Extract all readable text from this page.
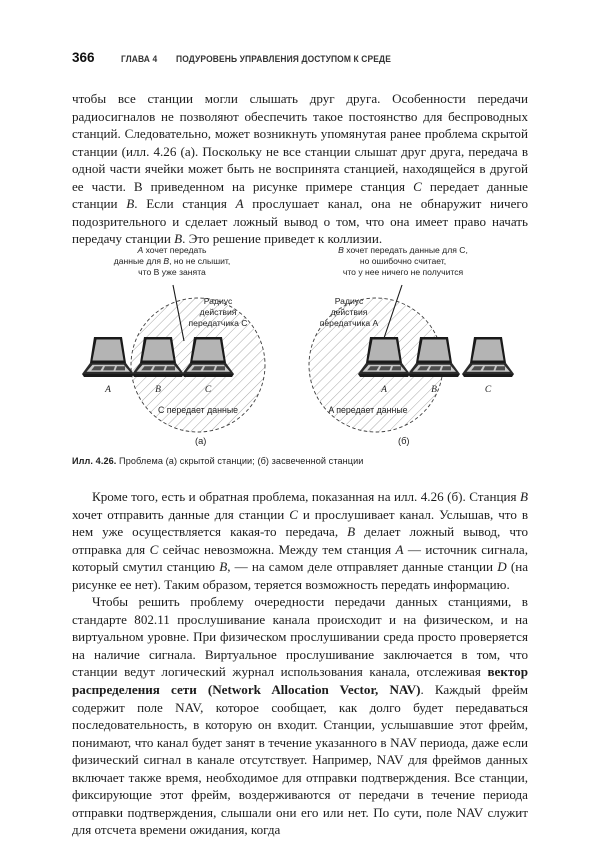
366	ГЛАВА 4 ПОДУРОВЕНЬ УПРАВЛЕНИЯ ДОСТУПОМ К СРЕДЕ
чтобы все станции могли слышать друг друга. Особенности передачи радиосигналов не позволяют обеспечить такое постоянство для беспроводных станций. Следовательно, может возникнуть упомянутая ранее проблема скрытой станции (илл. 4.26 (а). Поскольку не все станции слышат друг друга, передача в одной части ячейки может быть не воспринята станцией, находящейся в другой ее части. В приведенном на рисунке примере станция C передает данные станции B. Если станция A прослушает канал, она не обнаружит ничего подозрительного и сделает ложный вывод о том, что она имеет право начать передачу станции B. Это решение приведет к коллизии.
A хочет передать
данные для B, но не слышит,
что B уже занята
Радиус
действия
передатчика C
A	B	C
C передает данные
B хочет передать данные для C,
но ошибочно считает,
что у нее ничего не получится
Радиус
действия
передатчика A
A	B	C
A передает данные
(а)	(б)
Илл. 4.26. Проблема (а) скрытой станции; (б) засвеченной станции

Кроме того, есть и обратная проблема, показанная на илл. 4.26 (б). Станция B хочет отправить данные для станции C и прослушивает канал. Услышав, что в нем уже осуществляется какая-то передача, B делает ложный вывод, что отправка для C сейчас невозможна. Между тем станция A — источник сигнала, который смутил станцию B, — на самом деле отправляет данные станции D (на рисунке ее нет). Таким образом, теряется возможность передать информацию.

Чтобы решить проблему очередности передачи данных станциями, в стандарте 802.11 прослушивание канала происходит и на физическом, и на виртуальном уровне. При физическом прослушивании среда просто проверяется на наличие сигнала. Виртуальное прослушивание заключается в том, что станции ведут логический журнал использования канала, отслеживая вектор распределения сети (Network Allocation Vector, NAV). Каждый фрейм содержит поле NAV, которое сообщает, как долго будет передаваться последовательность, в которую он входит. Станции, услышавшие этот фрейм, понимают, что канал будет занят в течение указанного в NAV периода, даже если физический сигнал в канале отсутствует. Например, NAV для фреймов данных включает также время, необходимое для отправки подтверждения. Все станции, фиксирующие этот фрейм, воздерживаются от передачи в течение периода отправки подтверждения, слышали они его или нет. По сути, поле NAV служит для отсчета времени ожидания, когда
